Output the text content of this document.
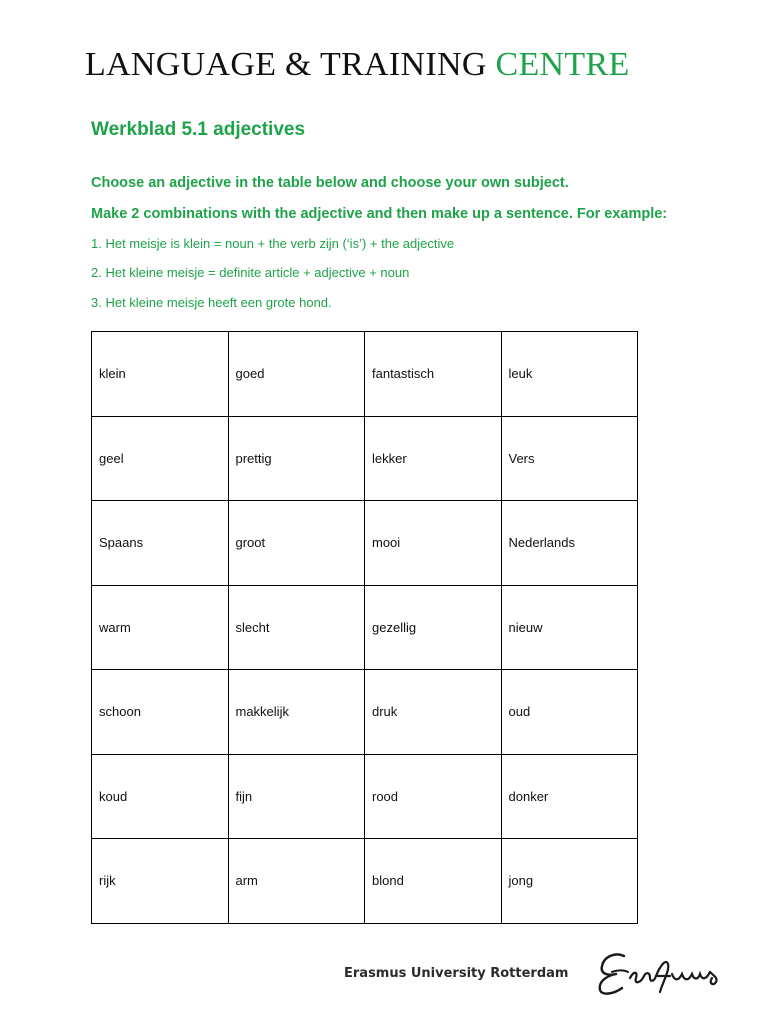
LANGUAGE & TRAINING CENTRE
Werkblad 5.1 adjectives
Choose an adjective in the table below and choose your own subject.
Make 2 combinations with the adjective and then make up a sentence. For example:
1. Het meisje is klein = noun + the verb zijn (‘is’) + the adjective
2. Het kleine meisje = definite article + adjective + noun
3. Het kleine meisje heeft een grote hond.
klein	goed	fantastisch	leuk
geel	prettig	lekker	Vers
Spaans	groot	mooi	Nederlands
warm	slecht	gezellig	nieuw
schoon	makkelijk	druk	oud
koud	fijn	rood	donker
rijk	arm	blond	jong
Erasmus University Rotterdam
